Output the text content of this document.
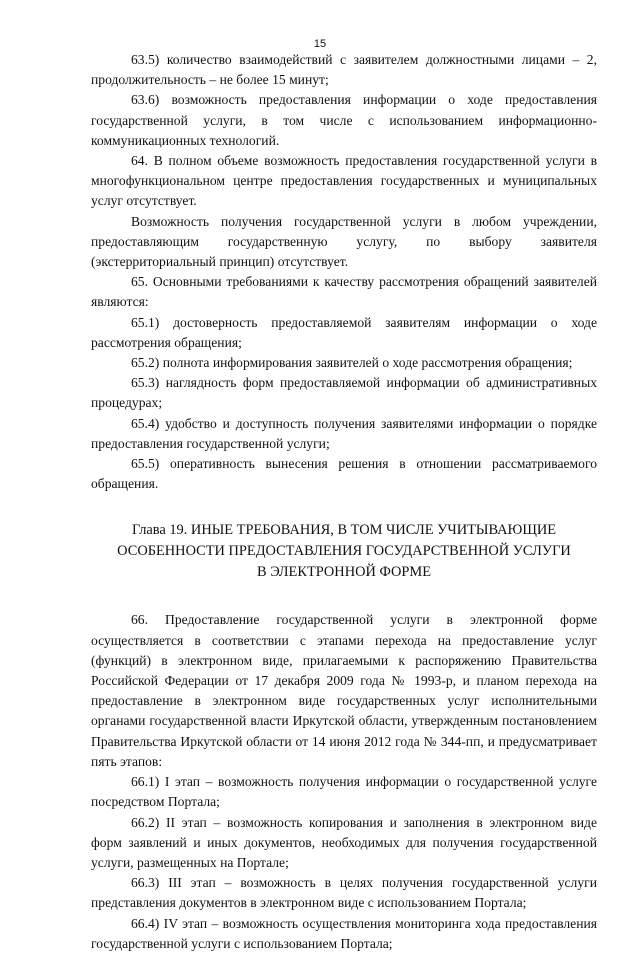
15

63.5) количество взаимодействий с заявителем должностными лицами – 2, продолжительность – не более 15 минут;

63.6) возможность предоставления информации о ходе предоставления государственной услуги, в том числе с использованием информационно-коммуникационных технологий.

64. В полном объеме возможность предоставления государственной услуги в многофункциональном центре предоставления государственных и муниципальных услуг отсутствует.

Возможность получения государственной услуги в любом учреждении, предоставляющим государственную услугу, по выбору заявителя (экстерриториальный принцип) отсутствует.

65. Основными требованиями к качеству рассмотрения обращений заявителей являются:

65.1) достоверность предоставляемой заявителям информации о ходе рассмотрения обращения;

65.2) полнота информирования заявителей о ходе рассмотрения обращения;

65.3) наглядность форм предоставляемой информации об административных процедурах;

65.4) удобство и доступность получения заявителями информации о порядке предоставления государственной услуги;

65.5) оперативность вынесения решения в отношении рассматриваемого обращения.

Глава 19. ИНЫЕ ТРЕБОВАНИЯ, В ТОМ ЧИСЛЕ УЧИТЫВАЮЩИЕ
ОСОБЕННОСТИ ПРЕДОСТАВЛЕНИЯ ГОСУДАРСТВЕННОЙ УСЛУГИ
В ЭЛЕКТРОННОЙ ФОРМЕ

66. Предоставление государственной услуги в электронной форме осуществляется в соответствии с этапами перехода на предоставление услуг (функций) в электронном виде, прилагаемыми к распоряжению Правительства Российской Федерации от 17 декабря 2009 года № 1993-р, и планом перехода на предоставление в электронном виде государственных услуг исполнительными органами государственной власти Иркутской области, утвержденным постановлением Правительства Иркутской области от 14 июня 2012 года № 344-пп, и предусматривает пять этапов:

66.1) I этап – возможность получения информации о государственной услуге посредством Портала;

66.2) II этап – возможность копирования и заполнения в электронном виде форм заявлений и иных документов, необходимых для получения государственной услуги, размещенных на Портале;

66.3) III этап – возможность в целях получения государственной услуги представления документов в электронном виде с использованием Портала;

66.4) IV этап – возможность осуществления мониторинга хода предоставления государственной услуги с использованием Портала;
